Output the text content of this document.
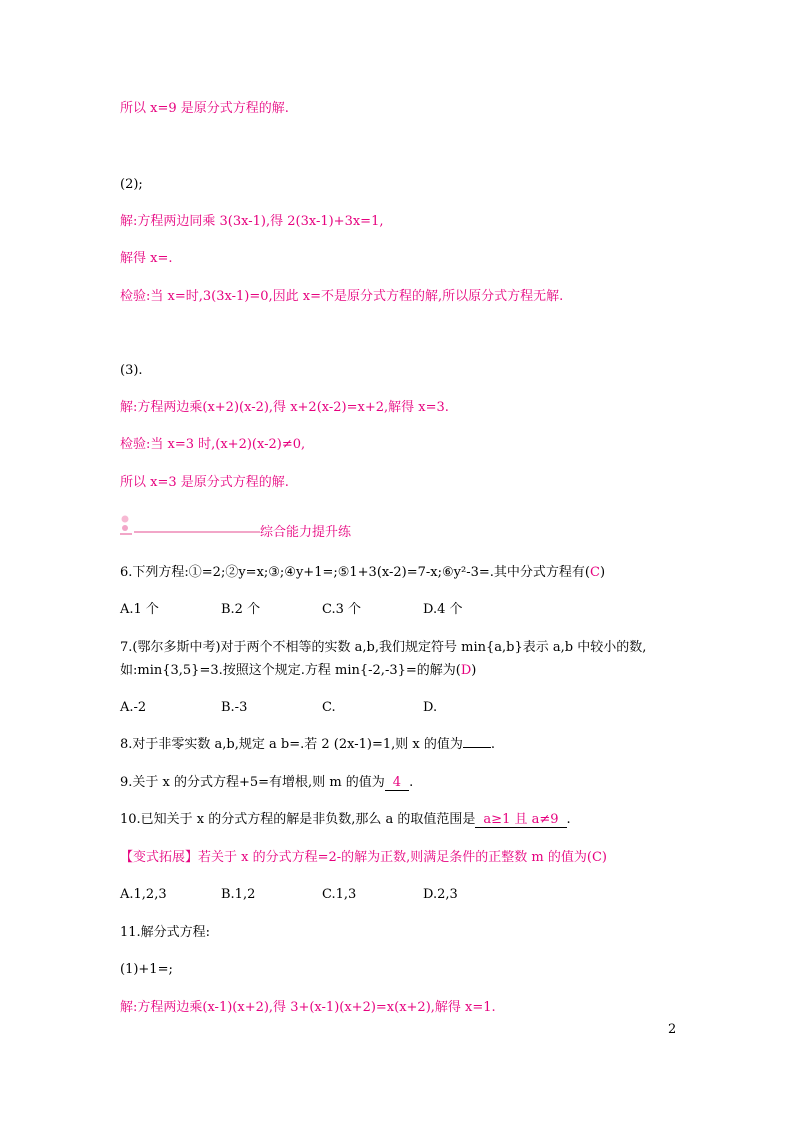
所以 x=9 是原分式方程的解.
(2);
解:方程两边同乘 3(3x-1),得 2(3x-1)+3x=1,
解得 x=.
检验:当 x=时,3(3x-1)=0,因此 x=不是原分式方程的解,所以原分式方程无解.
(3).
解:方程两边乘(x+2)(x-2),得 x+2(x-2)=x+2,解得 x=3.
检验:当 x=3 时,(x+2)(x-2)≠0,
所以 x=3 是原分式方程的解.
综合能力提升练
6.下列方程:①=2;②y=x;③;④y+1=;⑤1+3(x-2)=7-x;⑥y²-3=.其中分式方程有(C)
A.1 个	B.2 个	C.3 个	D.4 个
7.(鄂尔多斯中考)对于两个不相等的实数 a,b,我们规定符号 min{a,b}表示 a,b 中较小的数,
如:min{3,5}=3.按照这个规定.方程 min{-2,-3}=的解为(D)
A.-2	B.-3	C.	D.
8.对于非零实数 a,b,规定 a b=.若 2 (2x-1)=1,则 x 的值为 .
9.关于 x 的分式方程+5=有增根,则 m 的值为 4 .
10.已知关于 x 的分式方程的解是非负数,那么 a 的取值范围是 a≥1 且 a≠9 .
【变式拓展】若关于 x 的分式方程=2-的解为正数,则满足条件的正整数 m 的值为(C)
A.1,2,3	B.1,2	C.1,3	D.2,3
11.解分式方程:
(1)+1=;
解:方程两边乘(x-1)(x+2),得 3+(x-1)(x+2)=x(x+2),解得 x=1.
2
